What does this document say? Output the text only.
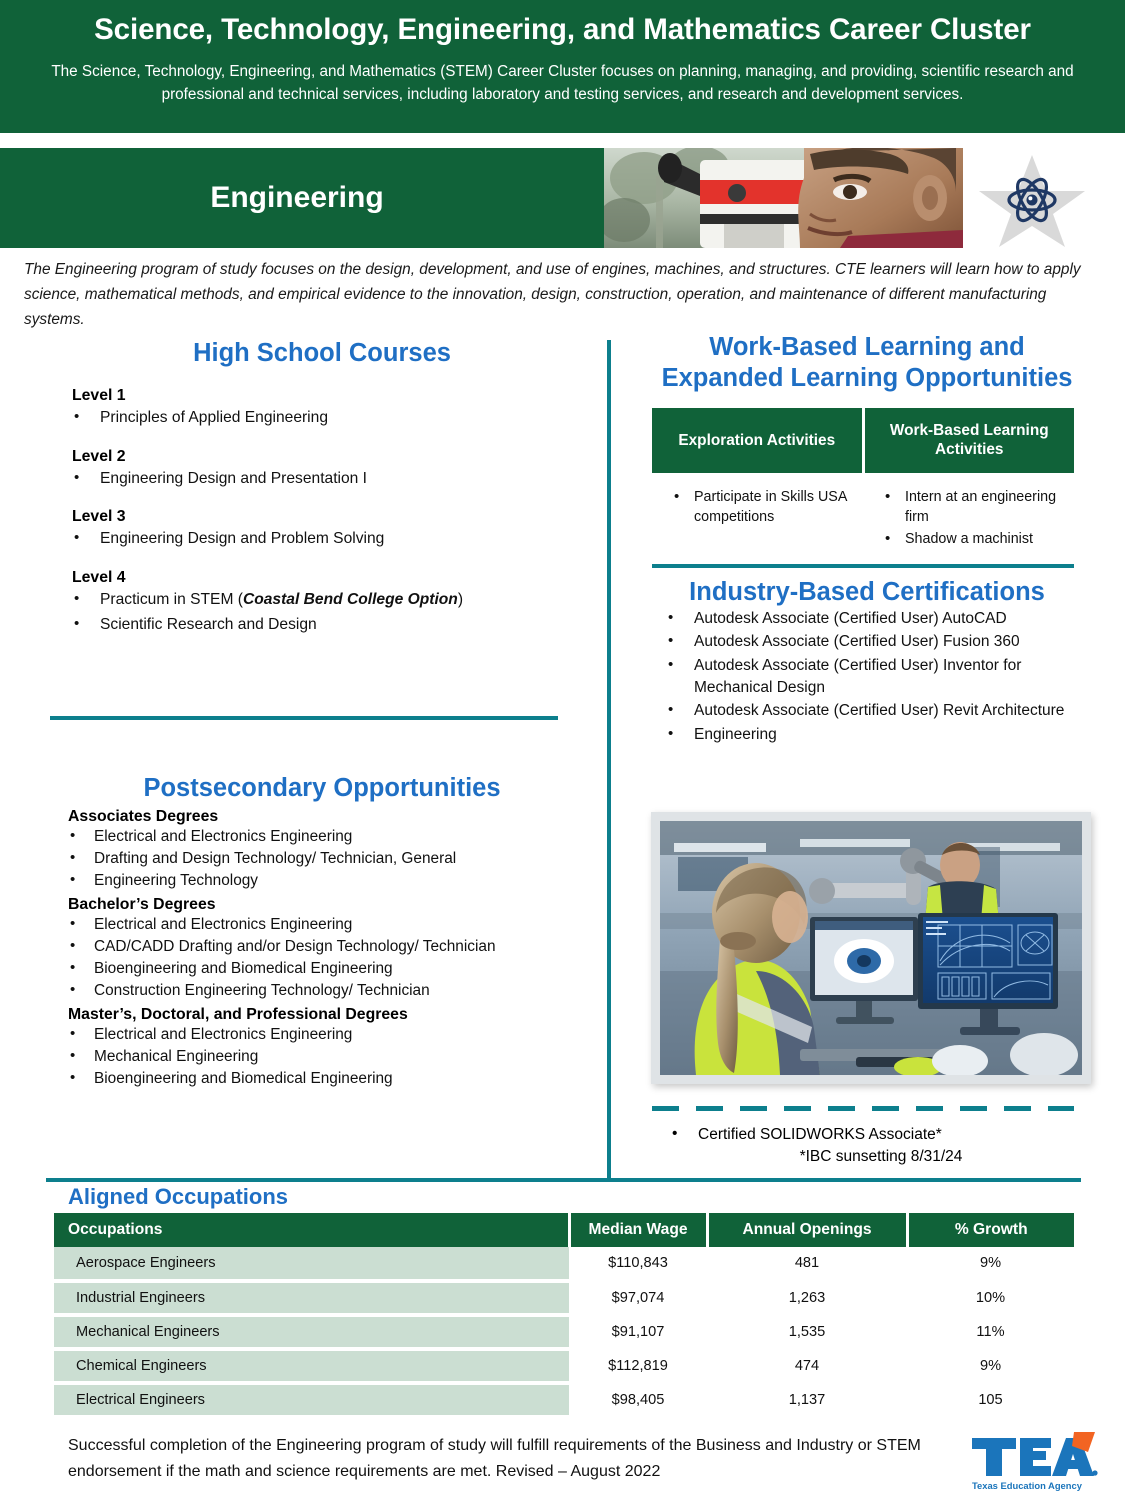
Science, Technology, Engineering, and Mathematics Career Cluster
The Science, Technology, Engineering, and Mathematics (STEM) Career Cluster focuses on planning, managing, and providing, scientific research and professional and technical services, including laboratory and testing services, and research and development services.
Engineering
The Engineering program of study focuses on the design, development, and use of engines, machines, and structures. CTE learners will learn how to apply science, mathematical methods, and empirical evidence to the innovation, design, construction, operation, and maintenance of different manufacturing systems.
High School Courses
Level 1
• Principles of Applied Engineering
Level 2
• Engineering Design and Presentation I
Level 3
• Engineering Design and Problem Solving
Level 4
• Practicum in STEM (Coastal Bend College Option)
• Scientific Research and Design
Postsecondary Opportunities
Associates Degrees
• Electrical and Electronics Engineering
• Drafting and Design Technology/ Technician, General
• Engineering Technology
Bachelor’s Degrees
• Electrical and Electronics Engineering
• CAD/CADD Drafting and/or Design Technology/ Technician
• Bioengineering and Biomedical Engineering
• Construction Engineering Technology/ Technician
Master’s, Doctoral, and Professional Degrees
• Electrical and Electronics Engineering
• Mechanical Engineering
• Bioengineering and Biomedical Engineering
Work-Based Learning and
Expanded Learning Opportunities
Exploration Activities	Work-Based Learning Activities

• Participate in Skills USA competitions

• Intern at an engineering firm
• Shadow a machinist
Industry-Based Certifications
• Autodesk Associate (Certified User) AutoCAD
• Autodesk Associate (Certified User) Fusion 360
• Autodesk Associate (Certified User) Inventor for Mechanical Design
• Autodesk Associate (Certified User) Revit Architecture
• Engineering
• Certified SOLIDWORKS Associate*
*IBC sunsetting 8/31/24
Aligned Occupations
Occupations	Median Wage	Annual Openings	% Growth
Aerospace Engineers	$110,843	481	9%
Industrial Engineers	$97,074	1,263	10%
Mechanical Engineers	$91,107	1,535	11%
Chemical Engineers	$112,819	474	9%
Electrical Engineers	$98,405	1,137	105
Successful completion of the Engineering program of study will fulfill requirements of the Business and Industry or STEM endorsement if the math and science requirements are met. Revised – August 2022
Texas Education Agency
